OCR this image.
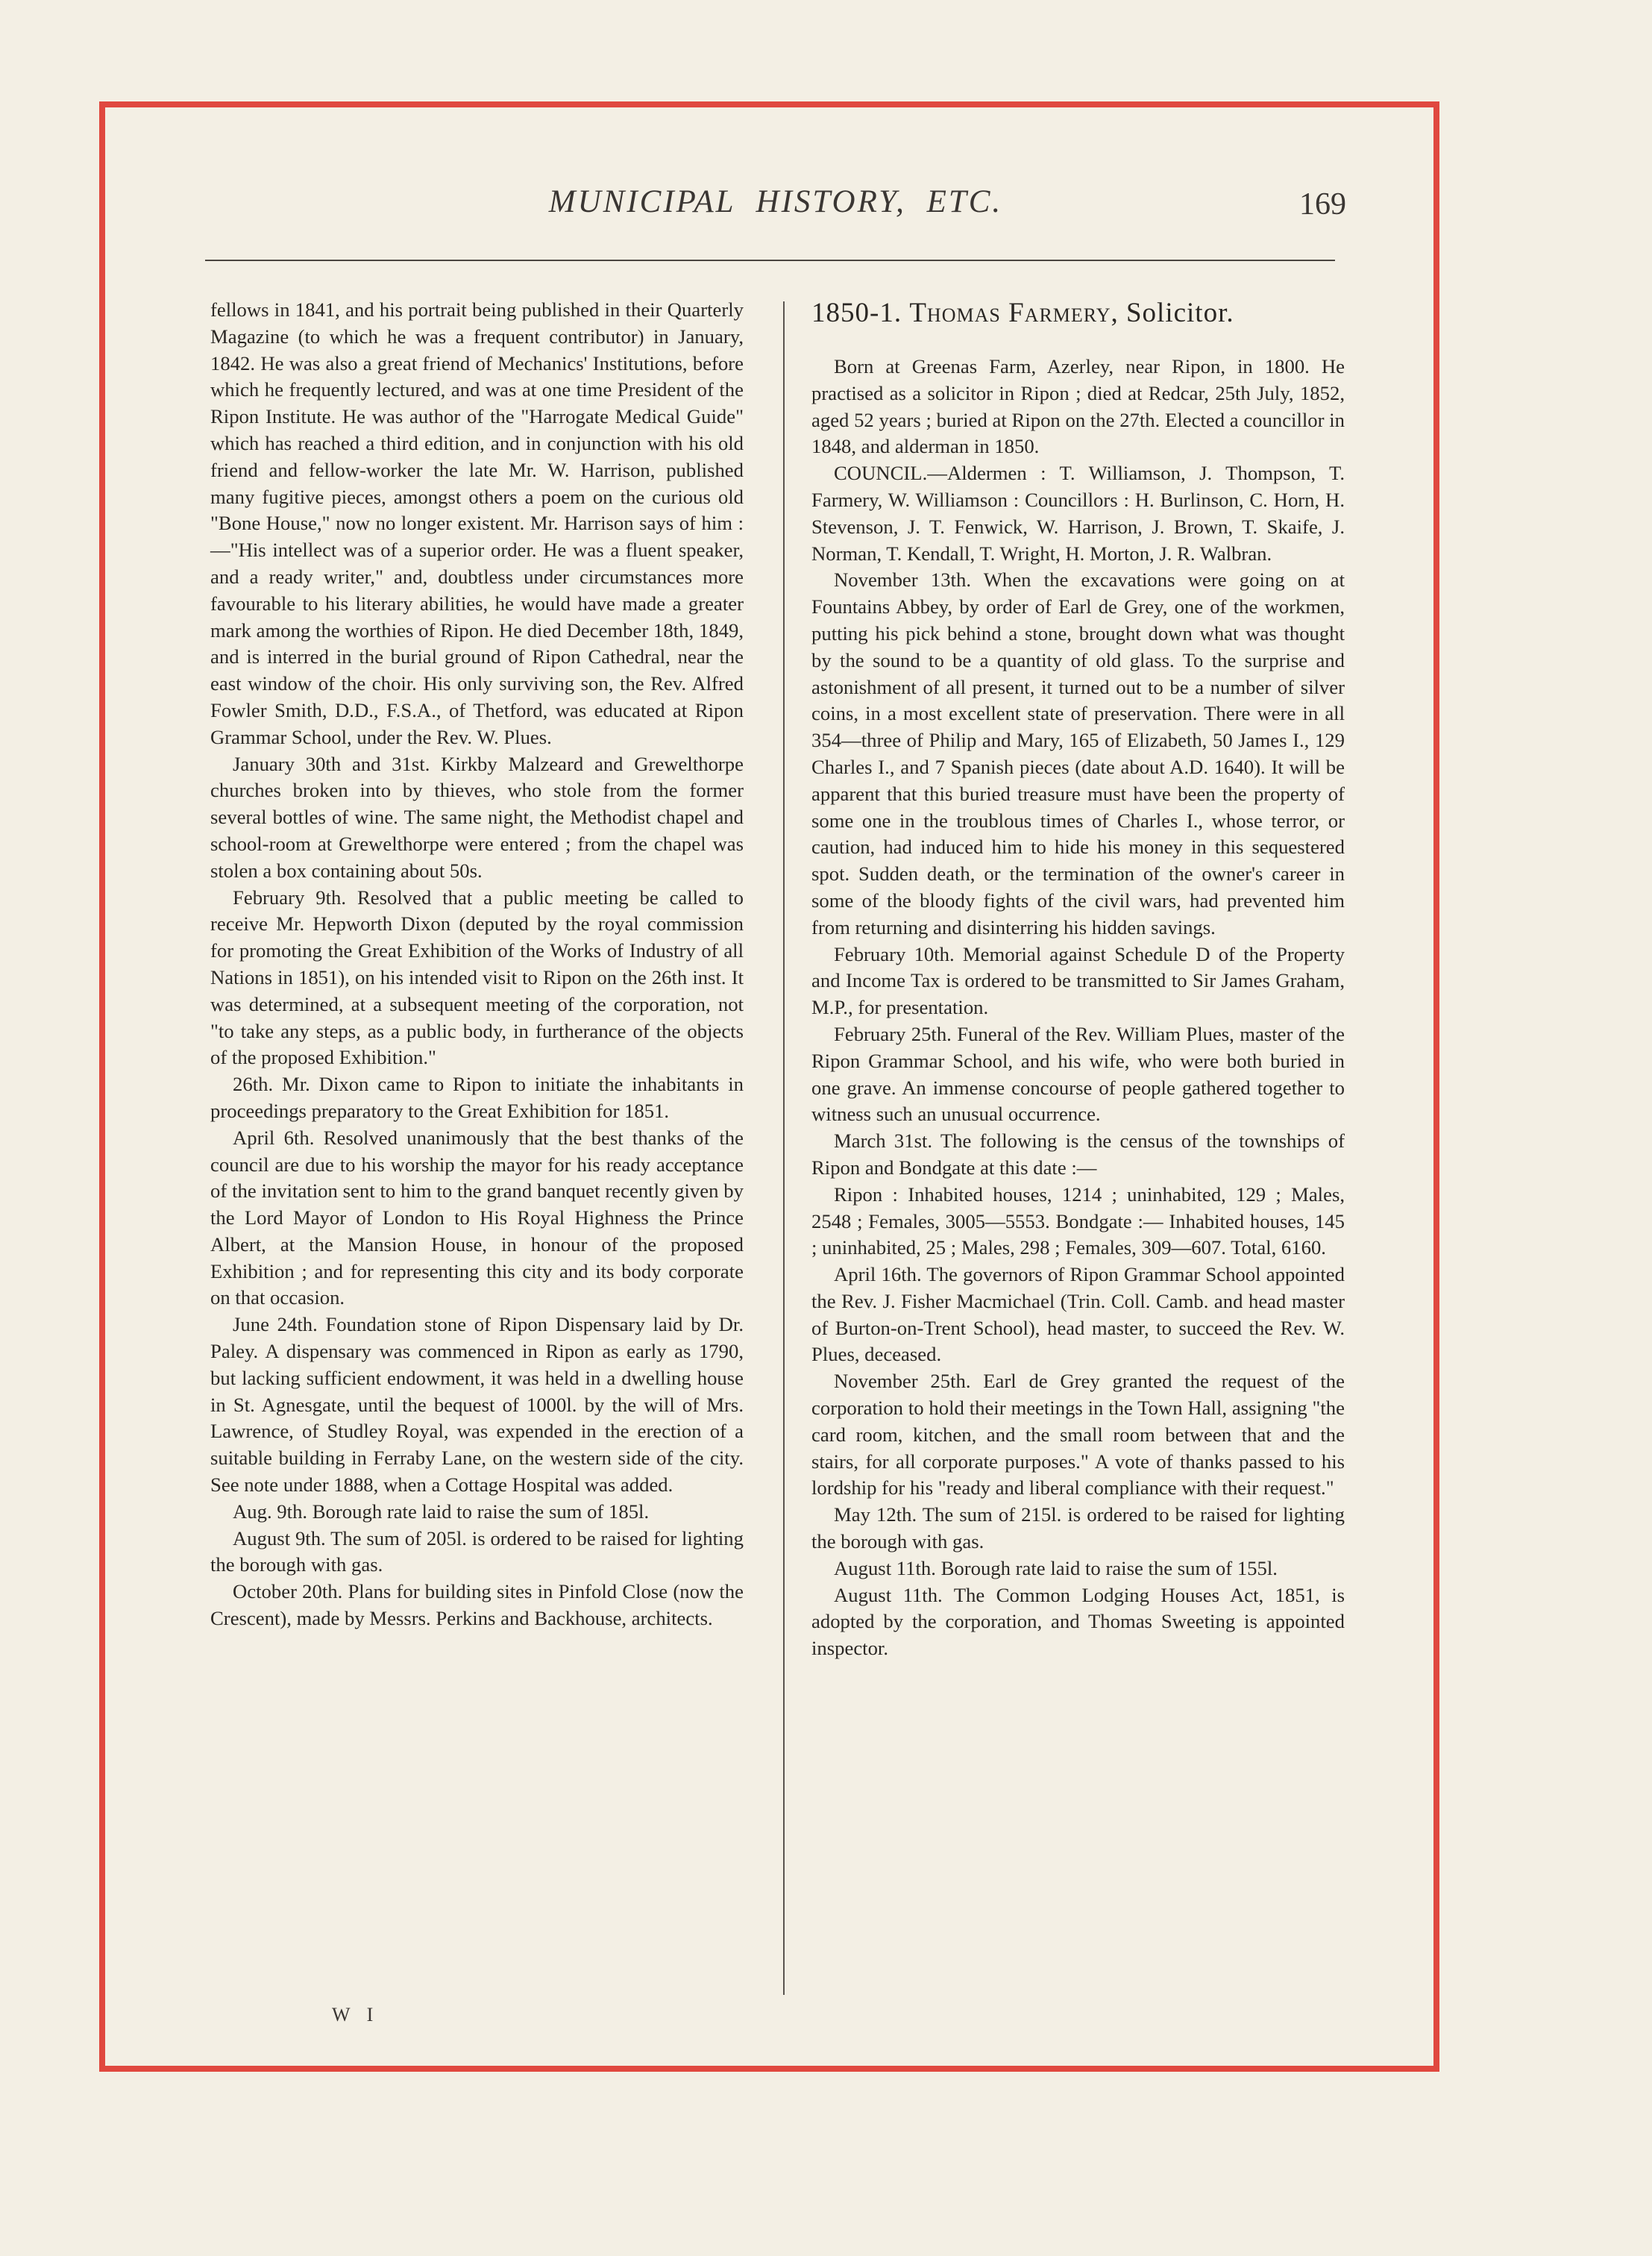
MUNICIPAL HISTORY, ETC.	169

fellows in 1841, and his portrait being published in their Quarterly Magazine (to which he was a frequent contributor) in January, 1842. He was also a great friend of Mechanics' Institutions, before which he frequently lectured, and was at one time President of the Ripon Institute. He was author of the "Harrogate Medical Guide" which has reached a third edition, and in conjunction with his old friend and fellow-worker the late Mr. W. Harrison, published many fugitive pieces, amongst others a poem on the curious old "Bone House," now no longer existent. Mr. Harrison says of him :—"His intellect was of a superior order. He was a fluent speaker, and a ready writer," and, doubtless under circumstances more favourable to his literary abilities, he would have made a greater mark among the worthies of Ripon. He died December 18th, 1849, and is interred in the burial ground of Ripon Cathedral, near the east window of the choir. His only surviving son, the Rev. Alfred Fowler Smith, D.D., F.S.A., of Thetford, was educated at Ripon Grammar School, under the Rev. W. Plues.

January 30th and 31st. Kirkby Malzeard and Grewelthorpe churches broken into by thieves, who stole from the former several bottles of wine. The same night, the Methodist chapel and school-room at Grewelthorpe were entered ; from the chapel was stolen a box containing about 50s.

February 9th. Resolved that a public meeting be called to receive Mr. Hepworth Dixon (deputed by the royal commission for promoting the Great Exhibition of the Works of Industry of all Nations in 1851), on his intended visit to Ripon on the 26th inst. It was determined, at a subsequent meeting of the corporation, not "to take any steps, as a public body, in furtherance of the objects of the proposed Exhibition."

26th. Mr. Dixon came to Ripon to initiate the inhabitants in proceedings preparatory to the Great Exhibition for 1851.

April 6th. Resolved unanimously that the best thanks of the council are due to his worship the mayor for his ready acceptance of the invitation sent to him to the grand banquet recently given by the Lord Mayor of London to His Royal Highness the Prince Albert, at the Mansion House, in honour of the proposed Exhibition ; and for representing this city and its body corporate on that occasion.

June 24th. Foundation stone of Ripon Dispensary laid by Dr. Paley. A dispensary was commenced in Ripon as early as 1790, but lacking sufficient endowment, it was held in a dwelling house in St. Agnesgate, until the bequest of 1000l. by the will of Mrs. Lawrence, of Studley Royal, was expended in the erection of a suitable building in Ferraby Lane, on the western side of the city. See note under 1888, when a Cottage Hospital was added.

Aug. 9th. Borough rate laid to raise the sum of 185l.

August 9th. The sum of 205l. is ordered to be raised for lighting the borough with gas.

October 20th. Plans for building sites in Pinfold Close (now the Crescent), made by Messrs. Perkins and Backhouse, architects.

W I
1850-1. Thomas Farmery, Solicitor.

Born at Greenas Farm, Azerley, near Ripon, in 1800. He practised as a solicitor in Ripon ; died at Redcar, 25th July, 1852, aged 52 years ; buried at Ripon on the 27th. Elected a councillor in 1848, and alderman in 1850.

COUNCIL.—Aldermen : T. Williamson, J. Thompson, T. Farmery, W. Williamson : Councillors : H. Burlinson, C. Horn, H. Stevenson, J. T. Fenwick, W. Harrison, J. Brown, T. Skaife, J. Norman, T. Kendall, T. Wright, H. Morton, J. R. Walbran.

November 13th. When the excavations were going on at Fountains Abbey, by order of Earl de Grey, one of the workmen, putting his pick behind a stone, brought down what was thought by the sound to be a quantity of old glass. To the surprise and astonishment of all present, it turned out to be a number of silver coins, in a most excellent state of preservation. There were in all 354—three of Philip and Mary, 165 of Elizabeth, 50 James I., 129 Charles I., and 7 Spanish pieces (date about A.D. 1640). It will be apparent that this buried treasure must have been the property of some one in the troublous times of Charles I., whose terror, or caution, had induced him to hide his money in this sequestered spot. Sudden death, or the termination of the owner's career in some of the bloody fights of the civil wars, had prevented him from returning and disinterring his hidden savings.

February 10th. Memorial against Schedule D of the Property and Income Tax is ordered to be transmitted to Sir James Graham, M.P., for presentation.

February 25th. Funeral of the Rev. William Plues, master of the Ripon Grammar School, and his wife, who were both buried in one grave. An immense concourse of people gathered together to witness such an unusual occurrence.

March 31st. The following is the census of the townships of Ripon and Bondgate at this date :—

Ripon : Inhabited houses, 1214 ; uninhabited, 129 ; Males, 2548 ; Females, 3005—5553. Bondgate :— Inhabited houses, 145 ; uninhabited, 25 ; Males, 298 ; Females, 309—607. Total, 6160.

April 16th. The governors of Ripon Grammar School appointed the Rev. J. Fisher Macmichael (Trin. Coll. Camb. and head master of Burton-on-Trent School), head master, to succeed the Rev. W. Plues, deceased.

November 25th. Earl de Grey granted the request of the corporation to hold their meetings in the Town Hall, assigning "the card room, kitchen, and the small room between that and the stairs, for all corporate purposes." A vote of thanks passed to his lordship for his "ready and liberal compliance with their request."

May 12th. The sum of 215l. is ordered to be raised for lighting the borough with gas.

August 11th. Borough rate laid to raise the sum of 155l.

August 11th. The Common Lodging Houses Act, 1851, is adopted by the corporation, and Thomas Sweeting is appointed inspector.
